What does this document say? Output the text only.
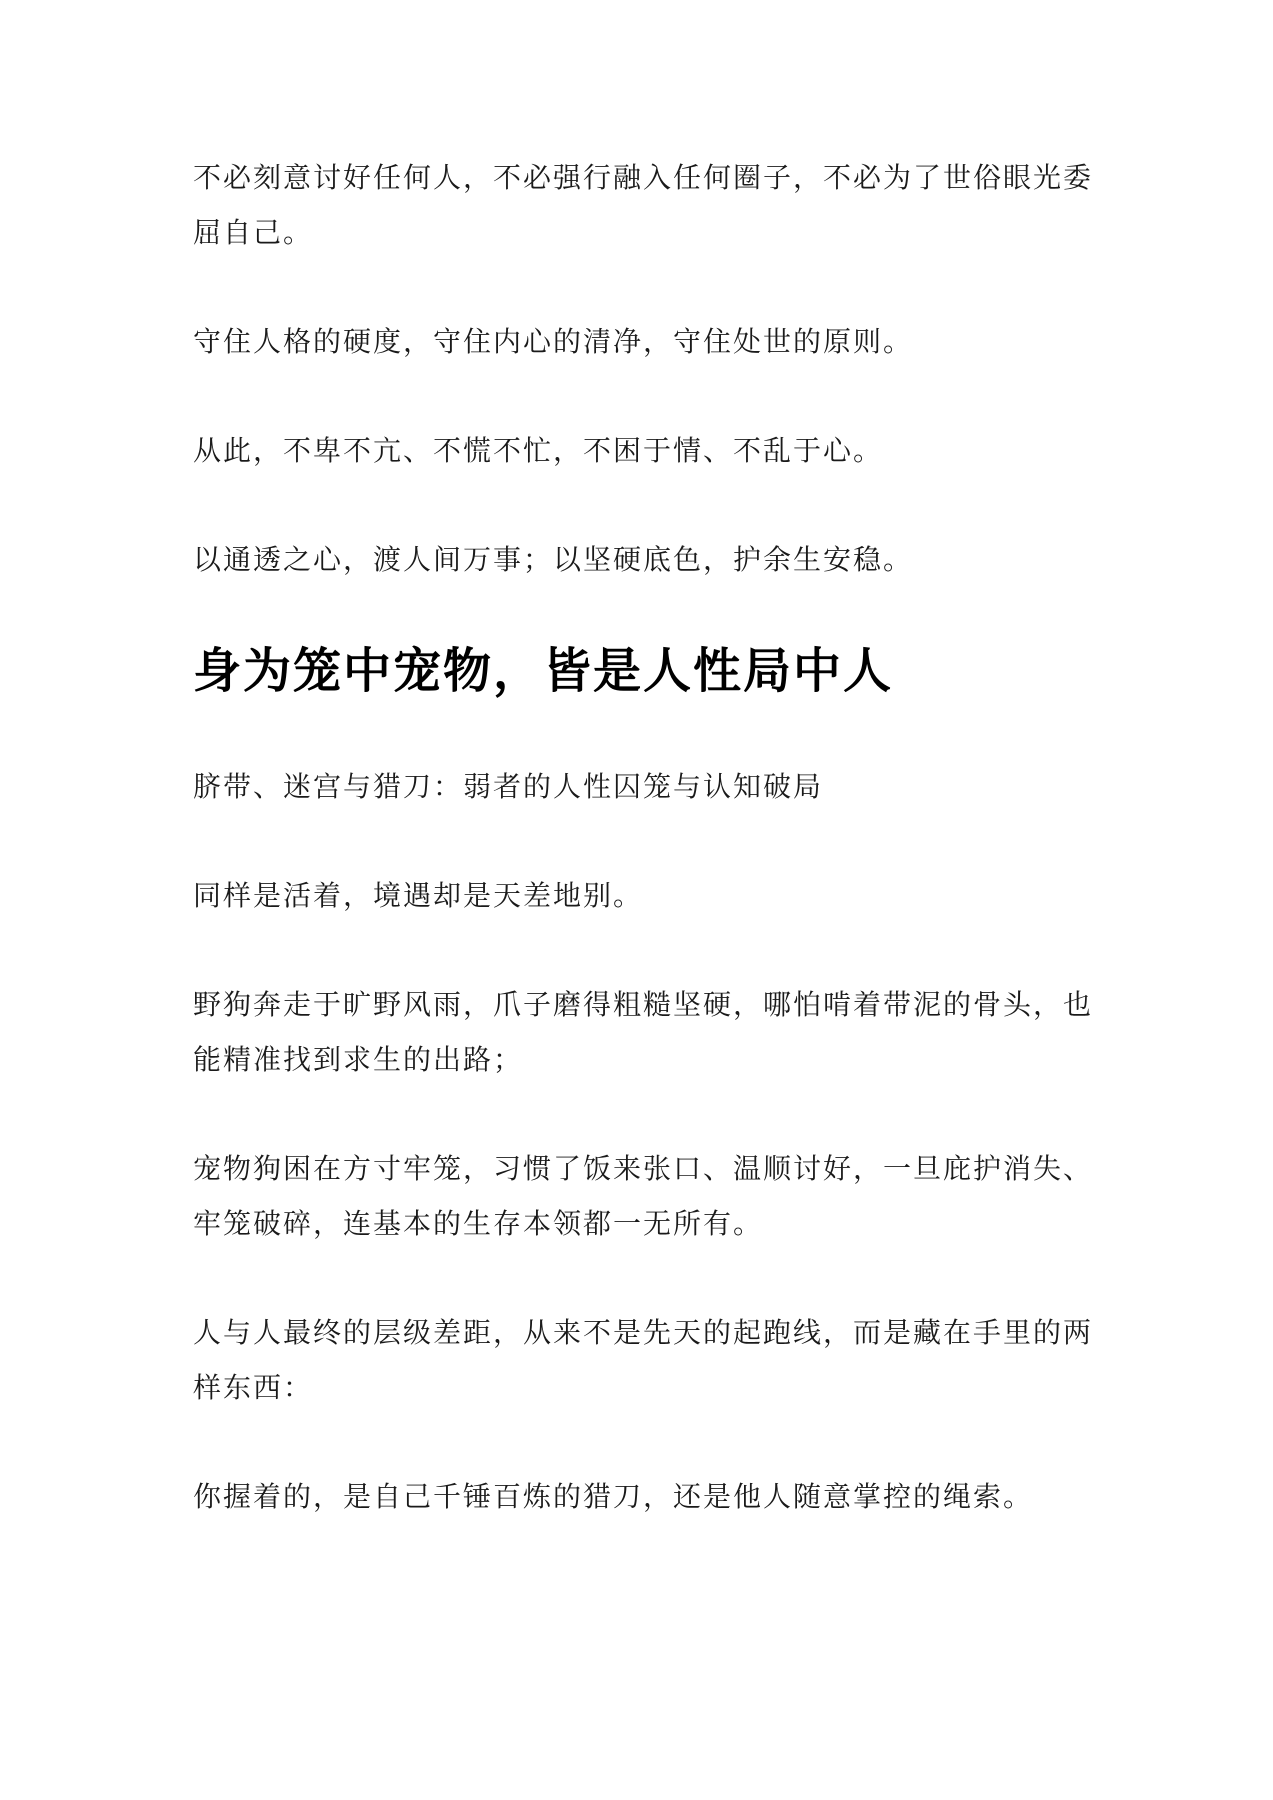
不必刻意讨好任何人，不必强行融入任何圈子，不必为了世俗眼光委屈自己。

守住人格的硬度，守住内心的清净，守住处世的原则。

从此，不卑不亢、不慌不忙，不困于情、不乱于心。

以通透之心，渡人间万事；以坚硬底色，护余生安稳。

身为笼中宠物，皆是人性局中人

脐带、迷宫与猎刀：弱者的人性囚笼与认知破局

同样是活着，境遇却是天差地别。

野狗奔走于旷野风雨，爪子磨得粗糙坚硬，哪怕啃着带泥的骨头，也能精准找到求生的出路；

宠物狗困在方寸牢笼，习惯了饭来张口、温顺讨好，一旦庇护消失、牢笼破碎，连基本的生存本领都一无所有。

人与人最终的层级差距，从来不是先天的起跑线，而是藏在手里的两样东西：

你握着的，是自己千锤百炼的猎刀，还是他人随意掌控的绳索。
